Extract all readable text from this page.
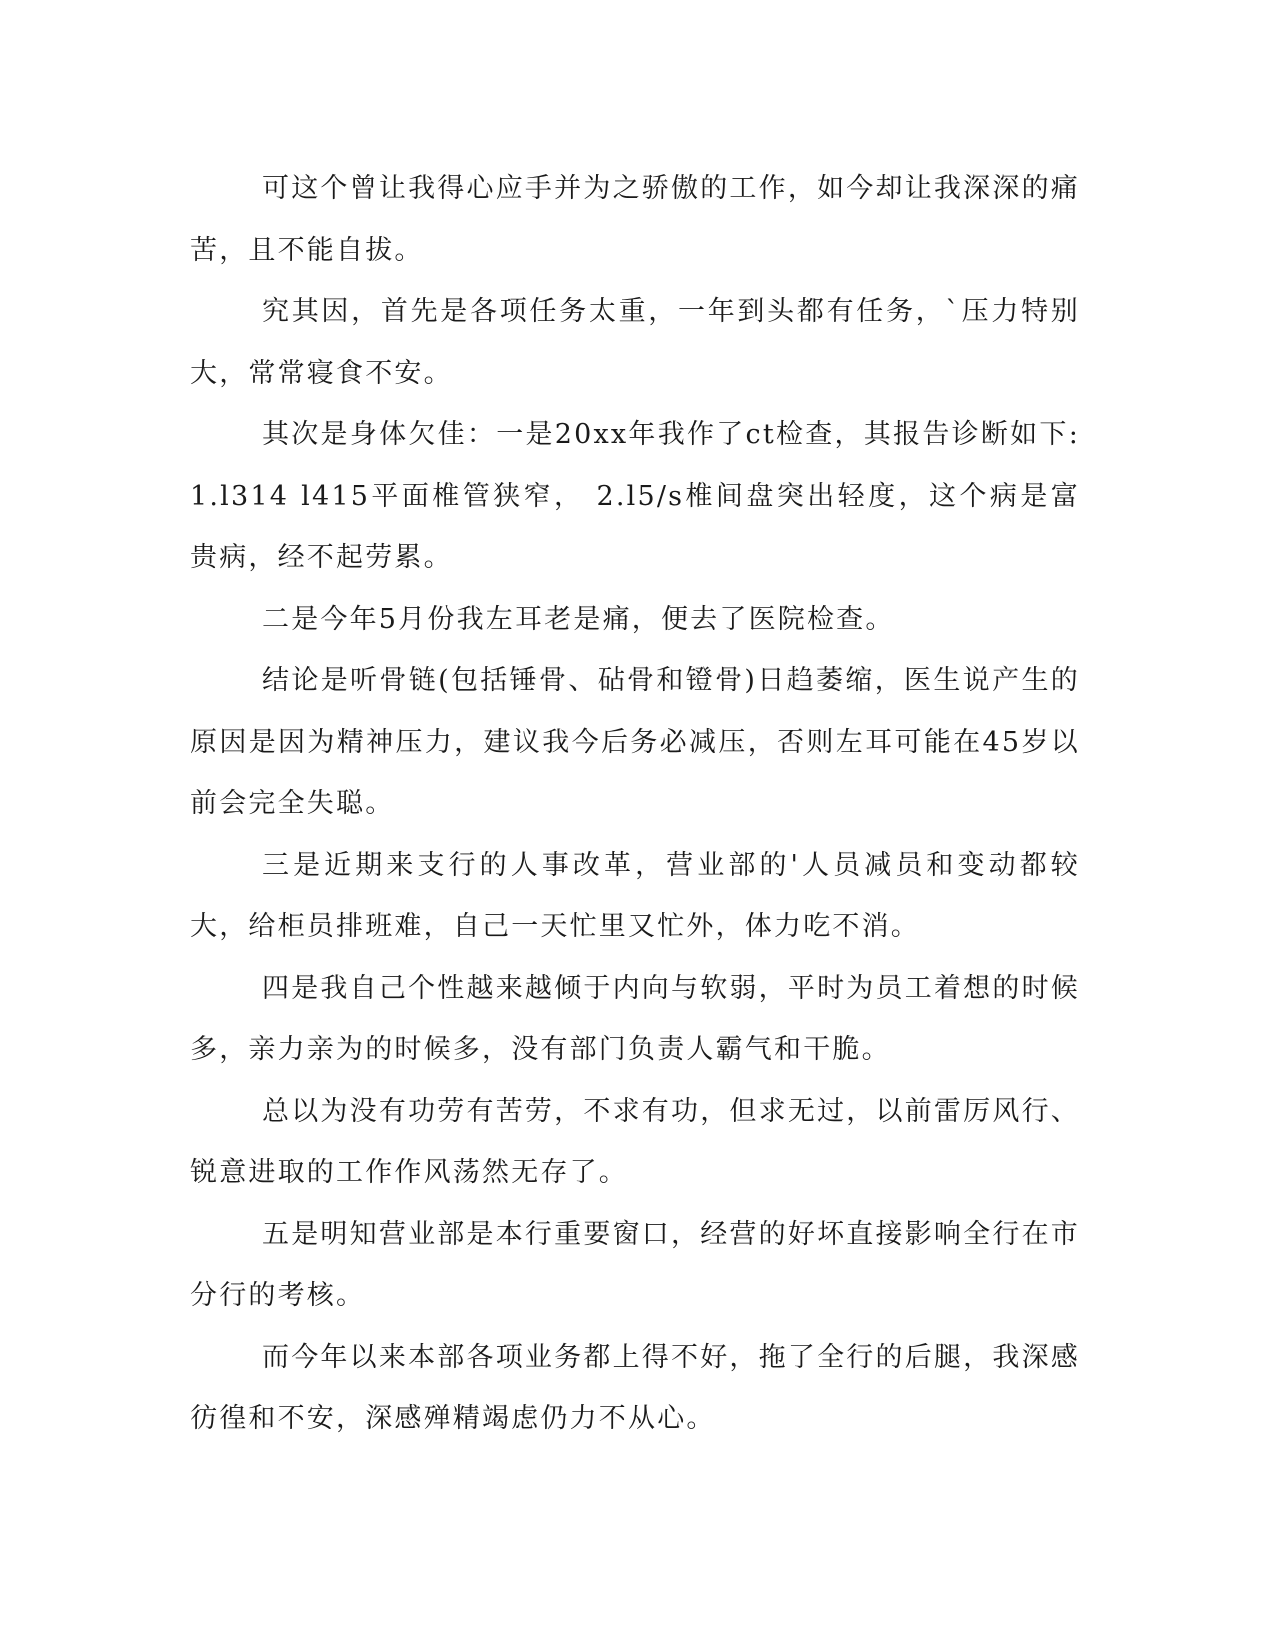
可这个曾让我得心应手并为之骄傲的工作，如今却让我深深的痛苦，且不能自拔。

究其因，首先是各项任务太重，一年到头都有任务，`压力特别大，常常寝食不安。

其次是身体欠佳：一是20xx年我作了ct检查，其报告诊断如下:1.l314 l415平面椎管狭窄， 2.l5/s椎间盘突出轻度，这个病是富贵病，经不起劳累。

二是今年5月份我左耳老是痛，便去了医院检查。

结论是听骨链(包括锤骨、砧骨和镫骨)日趋萎缩，医生说产生的原因是因为精神压力，建议我今后务必减压，否则左耳可能在45岁以前会完全失聪。

三是近期来支行的人事改革，营业部的'人员减员和变动都较大，给柜员排班难，自己一天忙里又忙外，体力吃不消。

四是我自己个性越来越倾于内向与软弱，平时为员工着想的时候多，亲力亲为的时候多，没有部门负责人霸气和干脆。

总以为没有功劳有苦劳，不求有功，但求无过，以前雷厉风行、锐意进取的工作作风荡然无存了。

五是明知营业部是本行重要窗口，经营的好坏直接影响全行在市分行的考核。

而今年以来本部各项业务都上得不好，拖了全行的后腿，我深感彷徨和不安，深感殚精竭虑仍力不从心。
